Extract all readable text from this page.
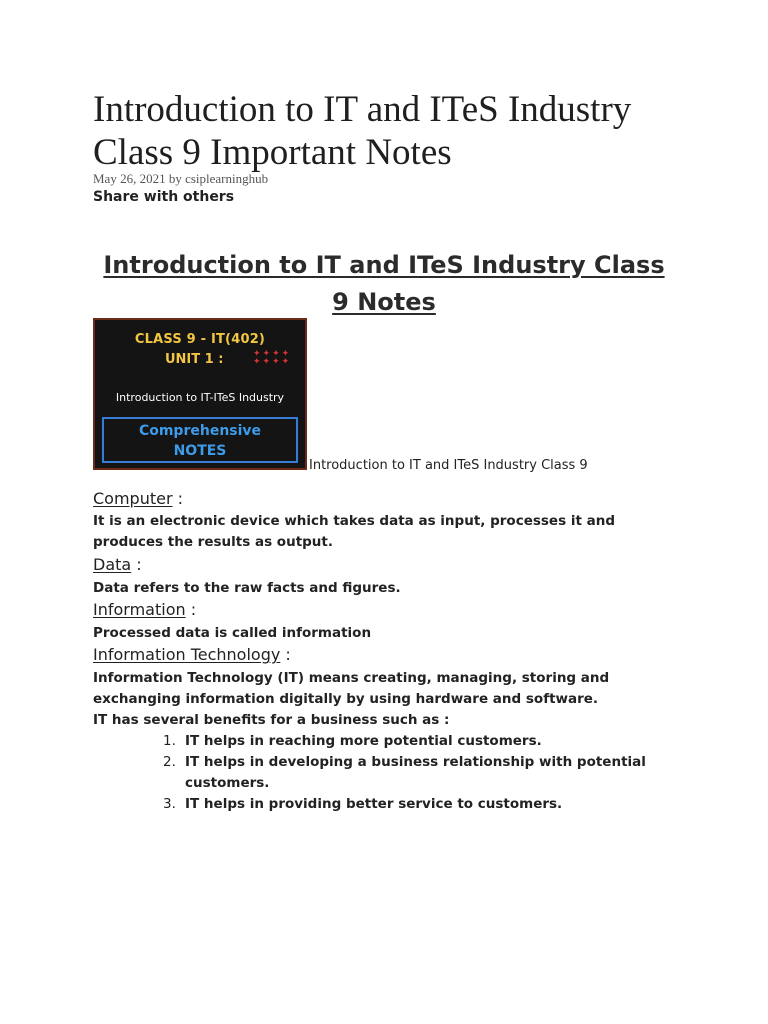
Introduction to IT and ITeS Industry Class 9 Important Notes
May 26, 2021 by csiplearninghub
Share with others
Introduction to IT and ITeS Industry Class 9 Notes
CLASS 9 - IT(402)
UNIT 1 :	✦✦✦✦
✦✦✦✦
Introduction to IT-ITeS Industry
Comprehensive
NOTES
Introduction to IT and ITeS Industry Class 9
Computer :
It is an electronic device which takes data as input, processes it and produces the results as output.
Data :
Data refers to the raw facts and figures.
Information :
Processed data is called information
Information Technology :
Information Technology (IT) means creating, managing, storing and exchanging information digitally by using hardware and software.
IT has several benefits for a business such as :
1. IT helps in reaching more potential customers.
2. IT helps in developing a business relationship with potential customers.
3. IT helps in providing better service to customers.
